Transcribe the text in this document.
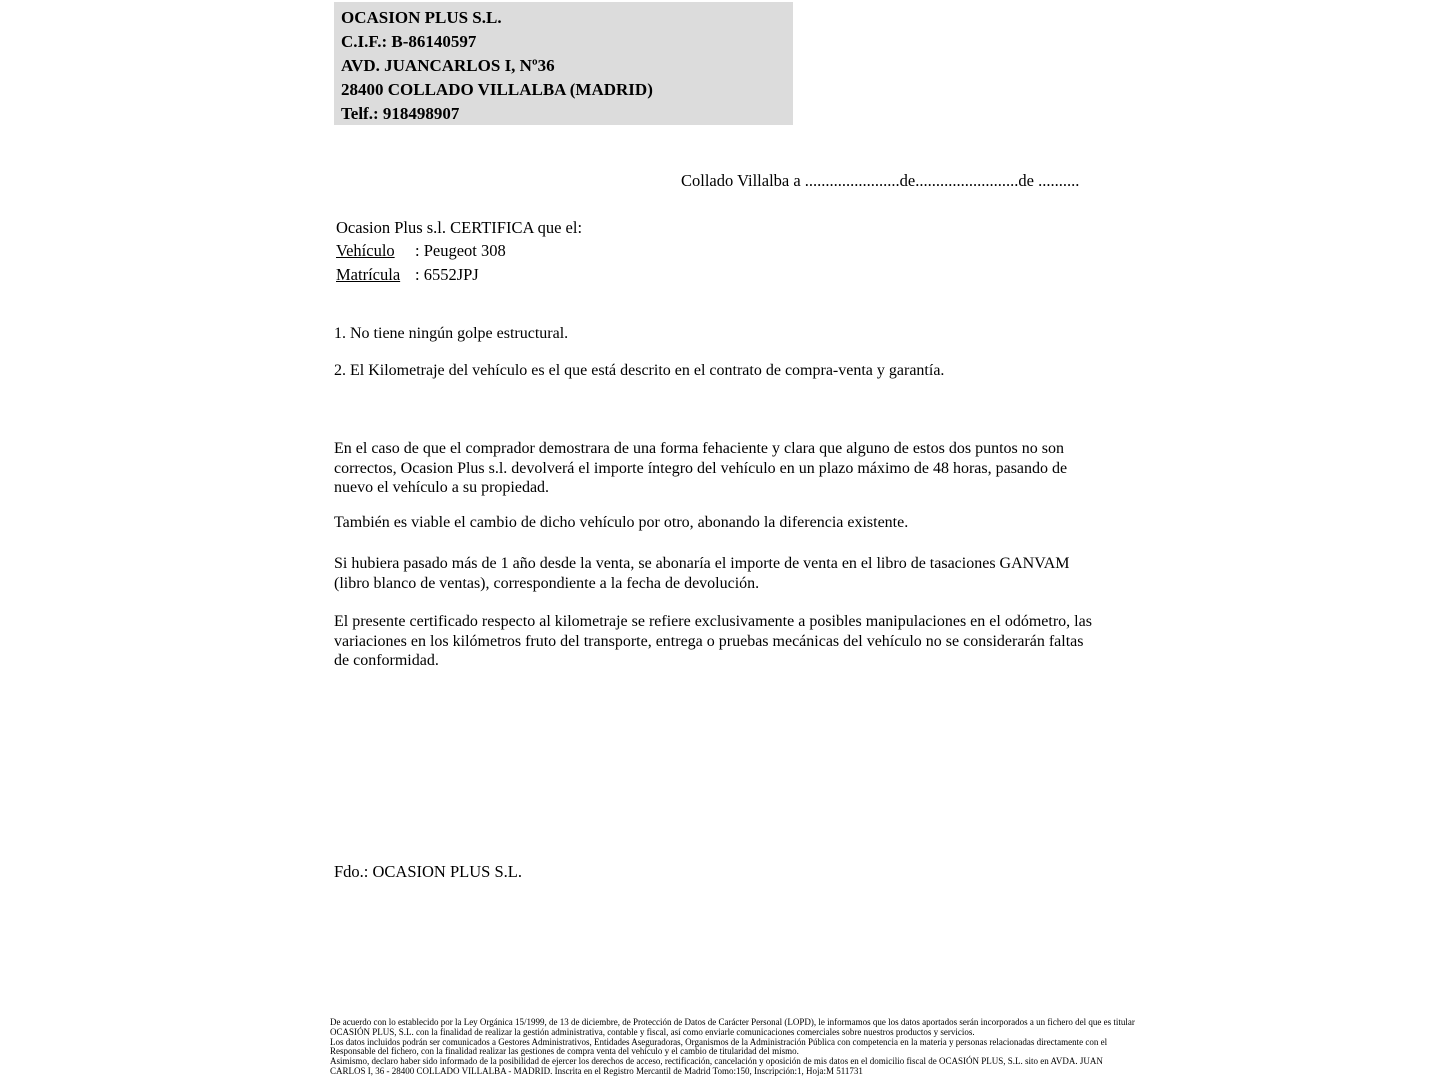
OCASION PLUS S.L.
C.I.F.: B-86140597
AVD. JUANCARLOS I, Nº36
28400 COLLADO VILLALBA (MADRID)
Telf.: 918498907
Collado Villalba a .......................de.........................de ..........
Ocasion Plus s.l. CERTIFICA que el:
Vehículo : Peugeot 308
Matrícula : 6552JPJ
1. No tiene ningún golpe estructural.
2. El Kilometraje del vehículo es el que está descrito en el contrato de compra-venta y garantía.
En el caso de que el comprador demostrara de una forma fehaciente y clara que alguno de estos dos puntos no son correctos, Ocasion Plus s.l. devolverá el importe íntegro del vehículo en un plazo máximo de 48 horas, pasando de nuevo el vehículo a su propiedad.
También es viable el cambio de dicho vehículo por otro, abonando la diferencia existente.
Si hubiera pasado más de 1 año desde la venta, se abonaría el importe de venta en el libro de tasaciones GANVAM (libro blanco de ventas), correspondiente a la fecha de devolución.
El presente certificado respecto al kilometraje se refiere exclusivamente a posibles manipulaciones en el odómetro, las variaciones en los kilómetros fruto del transporte, entrega o pruebas mecánicas del vehículo no se considerarán faltas de conformidad.
Fdo.: OCASION PLUS S.L.
De acuerdo con lo establecido por la Ley Orgánica 15/1999, de 13 de diciembre, de Protección de Datos de Carácter Personal (LOPD), le informamos que los datos aportados serán incorporados a un fichero del que es titular
OCASIÓN PLUS, S.L. con la finalidad de realizar la gestión administrativa, contable y fiscal, así como enviarle comunicaciones comerciales sobre nuestros productos y servicios.
Los datos incluidos podrán ser comunicados a Gestores Administrativos, Entidades Aseguradoras, Organismos de la Administración Pública con competencia en la materia y personas relacionadas directamente con el
Responsable del fichero, con la finalidad realizar las gestiones de compra venta del vehículo y el cambio de titularidad del mismo.
Asimismo, declaro haber sido informado de la posibilidad de ejercer los derechos de acceso, rectificación, cancelación y oposición de mis datos en el domicilio fiscal de OCASIÓN PLUS, S.L. sito en AVDA. JUAN
CARLOS I, 36 - 28400 COLLADO VILLALBA - MADRID. Inscrita en el Registro Mercantil de Madrid Tomo:150, Inscripción:1, Hoja:M 511731
